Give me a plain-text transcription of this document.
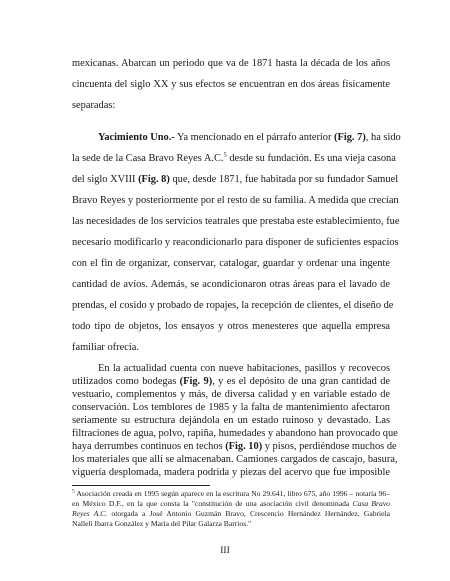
mexicanas. Abarcan un periodo que va de 1871 hasta la década de los años
cincuenta del siglo XX y sus efectos se encuentran en dos áreas físicamente
separadas:
Yacimiento Uno.- Ya mencionado en el párrafo anterior (Fig. 7), ha sido
la sede de la Casa Bravo Reyes A.C.$^5$ desde su fundación. Es una vieja casona
del siglo XVIII (Fig. 8) que, desde 1871, fue habitada por su fundador Samuel
Bravo Reyes y posteriormente por el resto de su familia. A medida que crecían
las necesidades de los servicios teatrales que prestaba este establecimiento, fue
necesario modificarlo y reacondicionarlo para disponer de suficientes espacios
con el fin de organizar, conservar, catalogar, guardar y ordenar una ingente
cantidad de avíos. Además, se acondicionaron otras áreas para el lavado de
prendas, el cosido y probado de ropajes, la recepción de clientes, el diseño de
todo tipo de objetos, los ensayos y otros menesteres que aquella empresa
familiar ofrecía.
En la actualidad cuenta con nueve habitaciones, pasillos y recovecos
utilizados como bodegas (Fig. 9), y es el depósito de una gran cantidad de
vestuario, complementos y más, de diversa calidad y en variable estado de
conservación. Los temblores de 1985 y la falta de mantenimiento afectaron
seriamente su estructura dejándola en un estado ruinoso y devastado. Las
filtraciones de agua, polvo, rapiña, humedades y abandono han provocado que
haya derrumbes continuos en techos (Fig. 10) y pisos, perdiéndose muchos de
los materiales que allí se almacenaban. Camiones cargados de cascajo, basura,
viguería desplomada, madera podrida y piezas del acervo que fue imposible
$^5$ Asociación creada en 1995 según aparece en la escritura No 29.641, libro 675, año 1996 – notaría 96–
en México D.F., en la que consta la "constitución de una asociación civil denominada Casa Bravo
Reyes A.C. otorgada a José Antonio Guzmán Bravo, Crescencio Hernández Hernández, Gabriela
Nalleli Ibarra González y María del Pilar Galarza Barrios."
III
